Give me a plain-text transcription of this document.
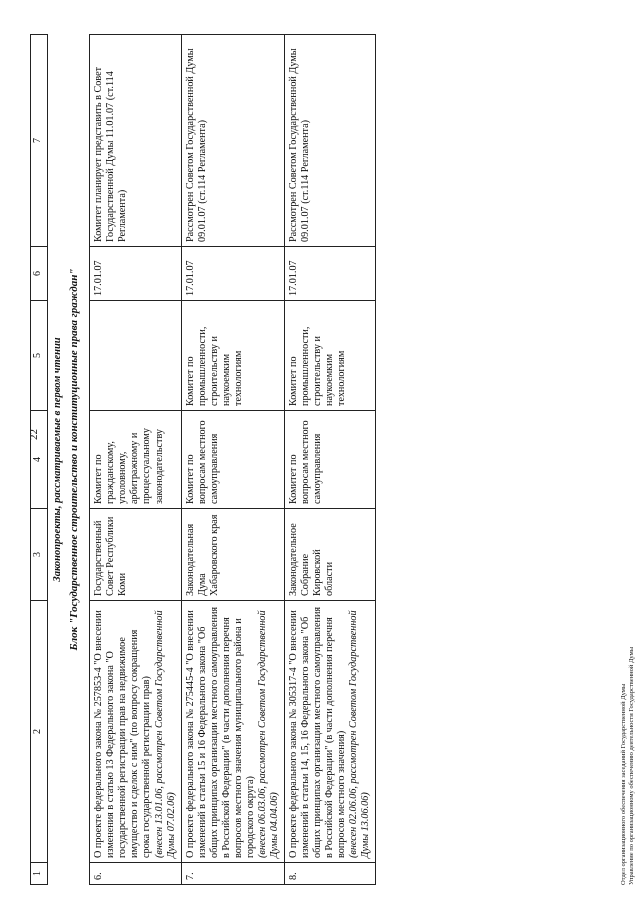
22
1	2	3	4	5	6	7

Законопроекты, рассматриваемые в первом чтении Блок "Государственное строительство и конституционные права граждан"						

6.	О проекте федерального закона № 257853-4 "О внесении изменения в статью 13 Федерального закона "О государственной регистрации прав на недвижимое имущество и сделок с ним" (по вопросу сокращения срока государственной регистрации прав) (внесен 13.01.06, рассмотрен Советом Государственной Думы 07.02.06)	Государственный Совет Республики Коми	Комитет по гражданскому, уголовному, арбитражному и процессуальному законодательству		17.01.07	Комитет планирует представить в Совет Государственной Думы 11.01.07 (ст.114 Регламента)
7.	О проекте федерального закона № 275445-4 "О внесении изменений в статьи 15 и 16 Федерального закона "Об общих принципах организации местного самоуправления в Российской Федерации" (в части дополнения перечня вопросов местного значения муниципального района и городского округа) (внесен 06.03.06, рассмотрен Советом Государственной Думы 04.04.06)	Законодательная Дума Хабаровского края	Комитет по вопросам местного самоуправления	Комитет по промышленности, строительству и наукоемким технологиям	17.01.07	Рассмотрен Советом Государственной Думы 09.01.07 (ст.114 Регламента)
8.	О проекте федерального закона № 305317-4 "О внесении изменений в статьи 14, 15, 16 Федерального закона "Об общих принципах организации местного самоуправления в Российской Федерации" (в части дополнения перечня вопросов местного значения) (внесен 02.06.06, рассмотрен Советом Государственной Думы 13.06.06)	Законодательное Собрание Кировской области	Комитет по вопросам местного самоуправления	Комитет по промышленности, строительству и наукоемким технологиям	17.01.07	Рассмотрен Советом Государственной Думы 09.01.07 (ст.114 Регламента)
Отдел организационного обеспечения заседаний Государственной Думы Управление по организационному обеспечению деятельности Государственной Думы
